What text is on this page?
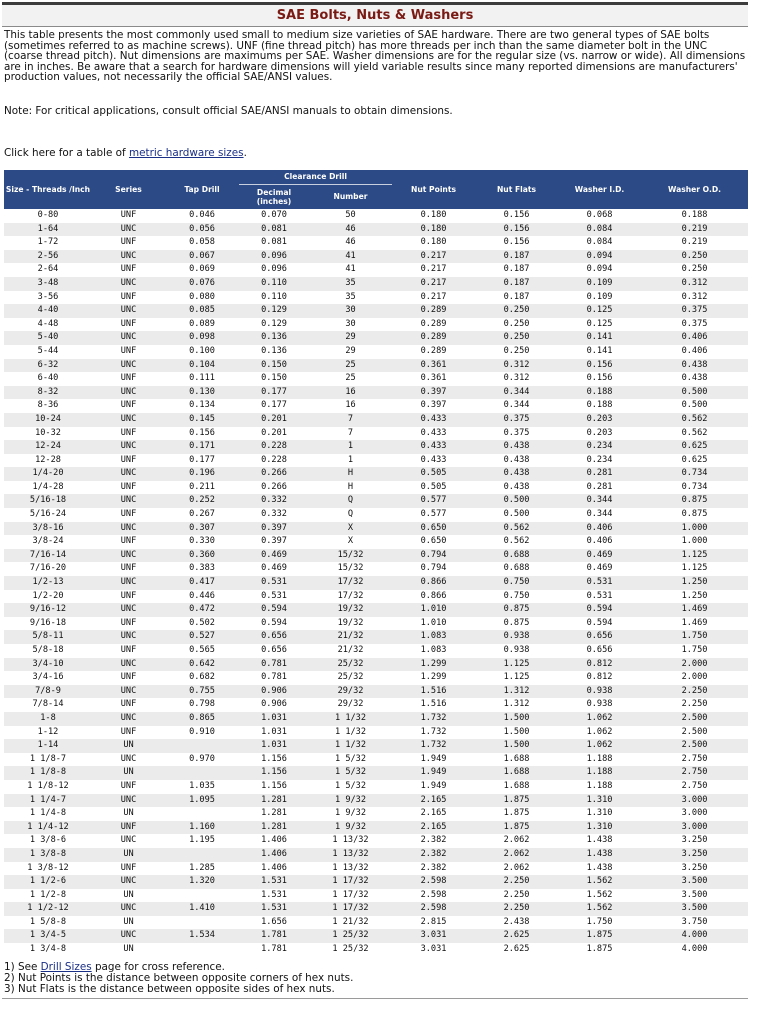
SAE Bolts, Nuts & Washers

This table presents the most commonly used small to medium size varieties of SAE hardware. There are two general types of SAE bolts (sometimes referred to as machine screws). UNF (fine thread pitch) has more threads per inch than the same diameter bolt in the UNC (coarse thread pitch). Nut dimensions are maximums per SAE. Washer dimensions are for the regular size (vs. narrow or wide). All dimensions are in inches. Be aware that a search for hardware dimensions will yield variable results since many reported dimensions are manufacturers' production values, not necessarily the official SAE/ANSI values.

Note: For critical applications, consult official SAE/ANSI manuals to obtain dimensions.

Click here for a table of metric hardware sizes.

Size - Threads /Inch	Series	Tap Drill	Clearance Drill		Nut Points	Nut Flats	Washer I.D.	Washer O.D.
			Decimal (inches)	Number				
0-80	UNF	0.046	0.070	50	0.180	0.156	0.068	0.188
1-64	UNC	0.056	0.081	46	0.180	0.156	0.084	0.219
1-72	UNF	0.058	0.081	46	0.180	0.156	0.084	0.219
2-56	UNC	0.067	0.096	41	0.217	0.187	0.094	0.250
2-64	UNF	0.069	0.096	41	0.217	0.187	0.094	0.250
3-48	UNC	0.076	0.110	35	0.217	0.187	0.109	0.312
3-56	UNF	0.080	0.110	35	0.217	0.187	0.109	0.312
4-40	UNC	0.085	0.129	30	0.289	0.250	0.125	0.375
4-48	UNF	0.089	0.129	30	0.289	0.250	0.125	0.375
5-40	UNC	0.098	0.136	29	0.289	0.250	0.141	0.406
5-44	UNF	0.100	0.136	29	0.289	0.250	0.141	0.406
6-32	UNC	0.104	0.150	25	0.361	0.312	0.156	0.438
6-40	UNF	0.111	0.150	25	0.361	0.312	0.156	0.438
8-32	UNC	0.130	0.177	16	0.397	0.344	0.188	0.500
8-36	UNF	0.134	0.177	16	0.397	0.344	0.188	0.500
10-24	UNC	0.145	0.201	7	0.433	0.375	0.203	0.562
10-32	UNF	0.156	0.201	7	0.433	0.375	0.203	0.562
12-24	UNC	0.171	0.228	1	0.433	0.438	0.234	0.625
12-28	UNF	0.177	0.228	1	0.433	0.438	0.234	0.625
1/4-20	UNC	0.196	0.266	H	0.505	0.438	0.281	0.734
1/4-28	UNF	0.211	0.266	H	0.505	0.438	0.281	0.734
5/16-18	UNC	0.252	0.332	Q	0.577	0.500	0.344	0.875
5/16-24	UNF	0.267	0.332	Q	0.577	0.500	0.344	0.875
3/8-16	UNC	0.307	0.397	X	0.650	0.562	0.406	1.000
3/8-24	UNF	0.330	0.397	X	0.650	0.562	0.406	1.000
7/16-14	UNC	0.360	0.469	15/32	0.794	0.688	0.469	1.125
7/16-20	UNF	0.383	0.469	15/32	0.794	0.688	0.469	1.125
1/2-13	UNC	0.417	0.531	17/32	0.866	0.750	0.531	1.250
1/2-20	UNF	0.446	0.531	17/32	0.866	0.750	0.531	1.250
9/16-12	UNC	0.472	0.594	19/32	1.010	0.875	0.594	1.469
9/16-18	UNF	0.502	0.594	19/32	1.010	0.875	0.594	1.469
5/8-11	UNC	0.527	0.656	21/32	1.083	0.938	0.656	1.750
5/8-18	UNF	0.565	0.656	21/32	1.083	0.938	0.656	1.750
3/4-10	UNC	0.642	0.781	25/32	1.299	1.125	0.812	2.000
3/4-16	UNF	0.682	0.781	25/32	1.299	1.125	0.812	2.000
7/8-9	UNC	0.755	0.906	29/32	1.516	1.312	0.938	2.250
7/8-14	UNF	0.798	0.906	29/32	1.516	1.312	0.938	2.250
1-8	UNC	0.865	1.031	1 1/32	1.732	1.500	1.062	2.500
1-12	UNF	0.910	1.031	1 1/32	1.732	1.500	1.062	2.500
1-14	UN		1.031	1 1/32	1.732	1.500	1.062	2.500
1 1/8-7	UNC	0.970	1.156	1 5/32	1.949	1.688	1.188	2.750
1 1/8-8	UN		1.156	1 5/32	1.949	1.688	1.188	2.750
1 1/8-12	UNF	1.035	1.156	1 5/32	1.949	1.688	1.188	2.750
1 1/4-7	UNC	1.095	1.281	1 9/32	2.165	1.875	1.310	3.000
1 1/4-8	UN		1.281	1 9/32	2.165	1.875	1.310	3.000
1 1/4-12	UNF	1.160	1.281	1 9/32	2.165	1.875	1.310	3.000
1 3/8-6	UNC	1.195	1.406	1 13/32	2.382	2.062	1.438	3.250
1 3/8-8	UN		1.406	1 13/32	2.382	2.062	1.438	3.250
1 3/8-12	UNF	1.285	1.406	1 13/32	2.382	2.062	1.438	3.250
1 1/2-6	UNC	1.320	1.531	1 17/32	2.598	2.250	1.562	3.500
1 1/2-8	UN		1.531	1 17/32	2.598	2.250	1.562	3.500
1 1/2-12	UNC	1.410	1.531	1 17/32	2.598	2.250	1.562	3.500
1 5/8-8	UN		1.656	1 21/32	2.815	2.438	1.750	3.750
1 3/4-5	UNC	1.534	1.781	1 25/32	3.031	2.625	1.875	4.000
1 3/4-8	UN		1.781	1 25/32	3.031	2.625	1.875	4.000
1) See Drill Sizes page for cross reference.
2) Nut Points is the distance between opposite corners of hex nuts.
3) Nut Flats is the distance between opposite sides of hex nuts.
